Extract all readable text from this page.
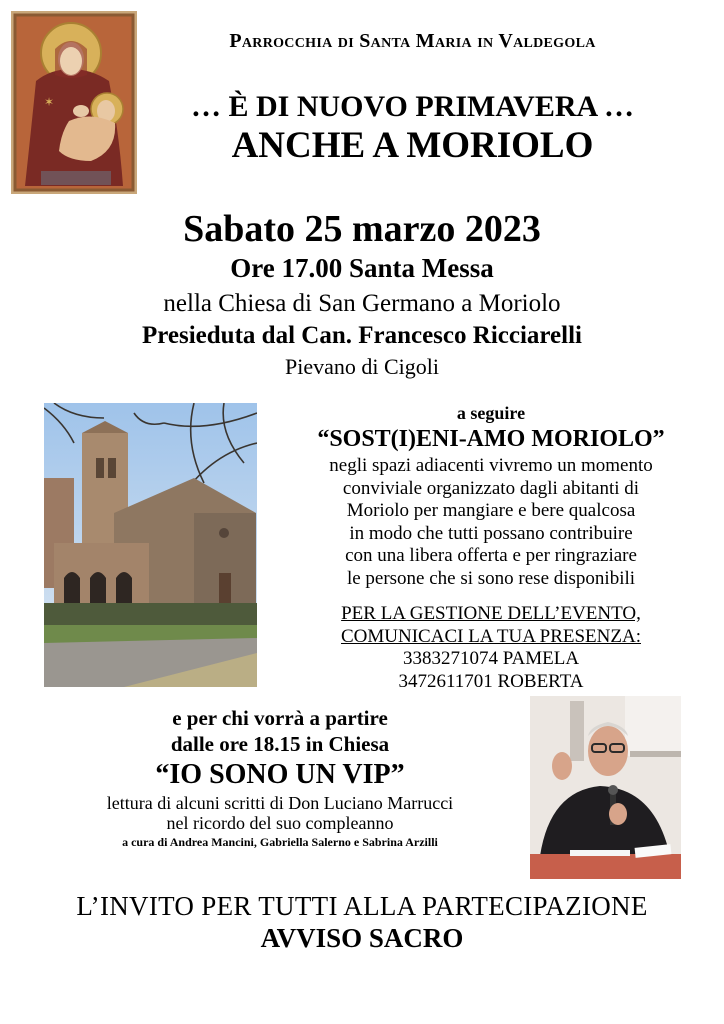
✶
Parrocchia di Santa Maria in Valdegola
… È DI NUOVO PRIMAVERA …
ANCHE A MORIOLO
Sabato 25 marzo 2023
Ore 17.00 Santa Messa
nella Chiesa di San Germano a Moriolo
Presieduta dal Can. Francesco Ricciarelli
Pievano di Cigoli
a seguire
“SOST(I)ENI-AMO MORIOLO”
negli spazi adiacenti vivremo un momento
conviviale organizzato dagli abitanti di
Moriolo per mangiare e bere qualcosa
in modo che tutti possano contribuire
con una libera offerta e per ringraziare
le persone che si sono rese disponibili
PER LA GESTIONE DELL’EVENTO,
COMUNICACI LA TUA PRESENZA:
3383271074 PAMELA
3472611701 ROBERTA
e per chi vorrà a partire
dalle ore 18.15 in Chiesa
“IO SONO UN VIP”
lettura di alcuni scritti di Don Luciano Marrucci
nel ricordo del suo compleanno
a cura di Andrea Mancini, Gabriella Salerno e Sabrina Arzilli
L’INVITO PER TUTTI ALLA PARTECIPAZIONE
AVVISO SACRO
